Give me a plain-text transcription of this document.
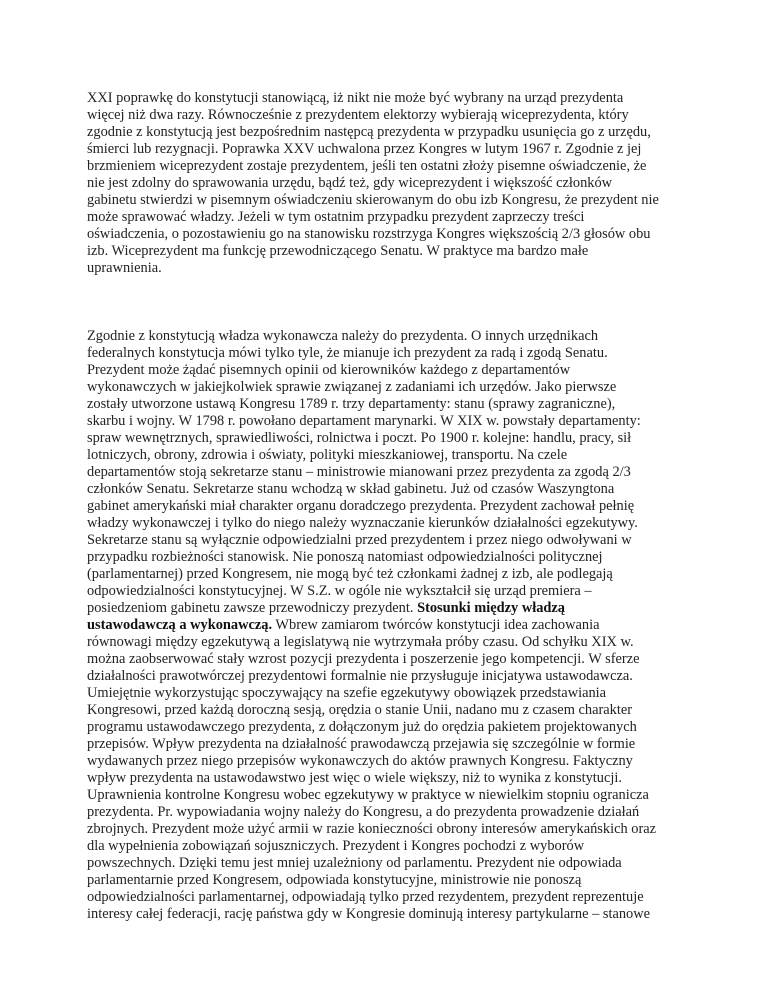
XXI poprawkę do konstytucji stanowiącą, iż nikt nie może być wybrany na urząd prezydenta
więcej niż dwa razy. Równocześnie z prezydentem elektorzy wybierają wiceprezydenta, który
zgodnie z konstytucją jest bezpośrednim następcą prezydenta w przypadku usunięcia go z urzędu,
śmierci lub rezygnacji. Poprawka XXV uchwalona przez Kongres w lutym 1967 r. Zgodnie z jej
brzmieniem wiceprezydent zostaje prezydentem, jeśli ten ostatni złoży pisemne oświadczenie, że
nie jest zdolny do sprawowania urzędu, bądź też, gdy wiceprezydent i większość członków
gabinetu stwierdzi w pisemnym oświadczeniu skierowanym do obu izb Kongresu, że prezydent nie
może sprawować władzy. Jeżeli w tym ostatnim przypadku prezydent zaprzeczy treści
oświadczenia, o pozostawieniu go na stanowisku rozstrzyga Kongres większością 2/3 głosów obu
izb. Wiceprezydent ma funkcję przewodniczącego Senatu. W praktyce ma bardzo małe
uprawnienia.

Zgodnie z konstytucją władza wykonawcza należy do prezydenta. O innych urzędnikach
federalnych konstytucja mówi tylko tyle, że mianuje ich prezydent za radą i zgodą Senatu.
Prezydent może żądać pisemnych opinii od kierowników każdego z departamentów
wykonawczych w jakiejkolwiek sprawie związanej z zadaniami ich urzędów. Jako pierwsze
zostały utworzone ustawą Kongresu 1789 r. trzy departamenty: stanu (sprawy zagraniczne),
skarbu i wojny. W 1798 r. powołano departament marynarki. W XIX w. powstały departamenty:
spraw wewnętrznych, sprawiedliwości, rolnictwa i poczt. Po 1900 r. kolejne: handlu, pracy, sił
lotniczych, obrony, zdrowia i oświaty, polityki mieszkaniowej, transportu. Na czele
departamentów stoją sekretarze stanu – ministrowie mianowani przez prezydenta za zgodą 2/3
członków Senatu. Sekretarze stanu wchodzą w skład gabinetu. Już od czasów Waszyngtona
gabinet amerykański miał charakter organu doradczego prezydenta. Prezydent zachował pełnię
władzy wykonawczej i tylko do niego należy wyznaczanie kierunków działalności egzekutywy.
Sekretarze stanu są wyłącznie odpowiedzialni przed prezydentem i przez niego odwoływani w
przypadku rozbieżności stanowisk. Nie ponoszą natomiast odpowiedzialności politycznej
(parlamentarnej) przed Kongresem, nie mogą być też członkami żadnej z izb, ale podlegają
odpowiedzialności konstytucyjnej. W S.Z. w ogóle nie wykształcił się urząd premiera –
posiedzeniom gabinetu zawsze przewodniczy prezydent. Stosunki między władzą
ustawodawczą a wykonawczą. Wbrew zamiarom twórców konstytucji idea zachowania
równowagi między egzekutywą a legislatywą nie wytrzymała próby czasu. Od schyłku XIX w.
można zaobserwować stały wzrost pozycji prezydenta i poszerzenie jego kompetencji. W sferze
działalności prawotwórczej prezydentowi formalnie nie przysługuje inicjatywa ustawodawcza.
Umiejętnie wykorzystując spoczywający na szefie egzekutywy obowiązek przedstawiania
Kongresowi, przed każdą doroczną sesją, orędzia o stanie Unii, nadano mu z czasem charakter
programu ustawodawczego prezydenta, z dołączonym już do orędzia pakietem projektowanych
przepisów. Wpływ prezydenta na działalność prawodawczą przejawia się szczególnie w formie
wydawanych przez niego przepisów wykonawczych do aktów prawnych Kongresu. Faktyczny
wpływ prezydenta na ustawodawstwo jest więc o wiele większy, niż to wynika z konstytucji.
Uprawnienia kontrolne Kongresu wobec egzekutywy w praktyce w niewielkim stopniu ogranicza
prezydenta. Pr. wypowiadania wojny należy do Kongresu, a do prezydenta prowadzenie działań
zbrojnych. Prezydent może użyć armii w razie konieczności obrony interesów amerykańskich oraz
dla wypełnienia zobowiązań sojuszniczych. Prezydent i Kongres pochodzi z wyborów
powszechnych. Dzięki temu jest mniej uzależniony od parlamentu. Prezydent nie odpowiada
parlamentarnie przed Kongresem, odpowiada konstytucyjne, ministrowie nie ponoszą
odpowiedzialności parlamentarnej, odpowiadają tylko przed rezydentem, prezydent reprezentuje
interesy całej federacji, rację państwa gdy w Kongresie dominują interesy partykularne – stanowe
